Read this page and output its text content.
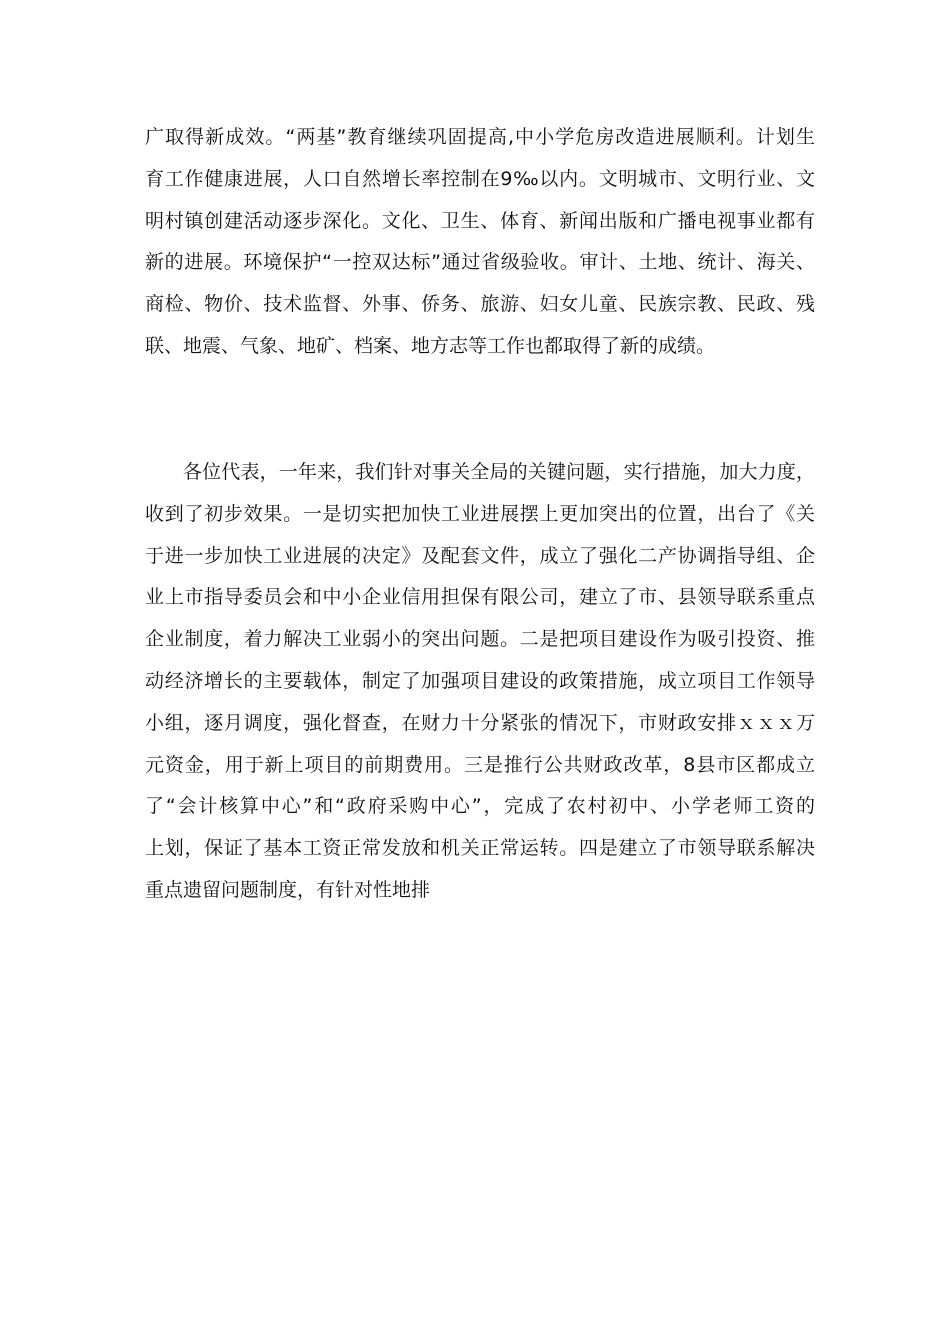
广取得新成效。“两基”教育继续巩固提高,中小学危房改造进展顺利。计划生
育工作健康进展，人口自然增长率控制在9‰以内。文明城市、文明行业、文
明村镇创建活动逐步深化。文化、卫生、体育、新闻出版和广播电视事业都有
新的进展。环境保护“一控双达标”通过省级验收。审计、土地、统计、海关、
商检、物价、技术监督、外事、侨务、旅游、妇女儿童、民族宗教、民政、残
联、地震、气象、地矿、档案、地方志等工作也都取得了新的成绩。
各位代表，一年来，我们针对事关全局的关键问题，实行措施，加大力度，
收到了初步效果。一是切实把加快工业进展摆上更加突出的位置，出台了《关
于进一步加快工业进展的决定》及配套文件，成立了强化二产协调指导组、企
业上市指导委员会和中小企业信用担保有限公司，建立了市、县领导联系重点
企业制度，着力解决工业弱小的突出问题。二是把项目建设作为吸引投资、推
动经济增长的主要载体，制定了加强项目建设的政策措施，成立项目工作领导
小组，逐月调度，强化督查，在财力十分紧张的情况下，市财政安排ｘｘｘ万
元资金，用于新上项目的前期费用。三是推行公共财政改革，8县市区都成立
了“会计核算中心”和“政府采购中心”，完成了农村初中、小学老师工资的
上划，保证了基本工资正常发放和机关正常运转。四是建立了市领导联系解决
重点遗留问题制度，有针对性地排
